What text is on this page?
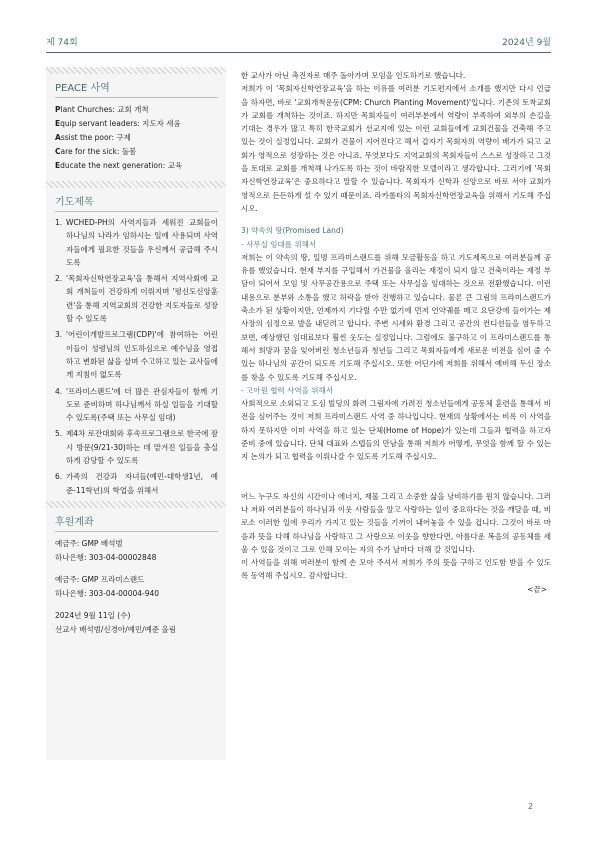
제 74회	2024년 9월
PEACE 사역
Plant Churches: 교회 개척
Equip servant leaders: 지도자 세움
Assist the poor: 구제
Care for the sick: 돌봄
Educate the next generation: 교육
기도제목
1. WCHED-PH의 사역지들과 세워진 교회들이 하나님의 나라가 임하시는 일에 사용되며 사역자들에게 필요한 것들을 우신께서 공급해 주시도록
2. '목회자신학연장교육'을 통해서 지역사회에 교회 개척들이 건강하게 이뤄지며 '평신도신앙훈련'을 통해 지역교회의 건강한 지도자들로 성장할 수 있도록
3. '어린이개발프로그램(CDP)'에 참여하는 어린이들이 성령님의 인도하심으로 예수님을 영접하고 변화된 삶을 살며 수고하고 있는 교사들에게 지침이 없도록
4. '프라미스랜드'에 더 많은 관심자들이 함께 기도로 준비하며 하나님께서 하실 일들을 기대할 수 있도록(주택 또는 사무실 임대)
5. 제4차 로잔대회와 후속프로그램으로 한국에 잠시 방문(9/21-30)하는 데 맡겨진 일들을 충실하게 감당할 수 있도록
6. 가족의 건강과 자녀들(예민-대학생1년, 예준-11학년)의 학업을 위해서
후원계좌
예금주: GMP 배석범
하나은행: 303-04-00002848
예금주: GMP 프라미스랜드
하나은행: 303-04-00004-940
2024년 9월 11일 (수)
선교사 배석범/신경아/예민/예준 올림

한 교사가 아닌 촉진자로 매주 돌아가며 모임을 인도하기로 했습니다.

저희가 이 '목회자신학연장교육'을 하는 이유를 여러분 기도편지에서 소개를 했지만 다시 언급을 하자면, 바로 '교회개척운동(CPM: Church Planting Movement)'입니다. 기존의 토착교회가 교회를 개척하는 것이죠. 하지만 목회자들이 여러부분에서 역량이 부족하여 외부의 손길을 기대는 경우가 많고 특히 한국교회가 선교지에 있는 이런 교회들에게 교회건물을 건축해 주고 있는 것이 실정입니다. 교회가 건물이 지어진다고 해서 갑자기 목회자의 역량이 배가가 되고 교회가 영적으로 성장하는 것은 아니죠. 무엇보다도 지역교회의 목회자들이 스스로 성장하고 그것을 토대로 교회를 개척해 나가도록 하는 것이 바람직한 모델이라고 생각합니다. 그러기에 '목회자신학연장교육'은 중요하다고 말할 수 있습니다. 목회자가 신학과 신앙으로 바로 서야 교회가 영적으로 든든하게 설 수 있기 때문이죠. 라카롤타의 목회자신학연장교육을 위해서 기도해 주십시오.

3) 약속의 땅(Promised Land)

- 사무실 임대를 위해서

저희는 이 약속의 땅, 일명 프라미스랜드를 위해 모금활동을 하고 기도제목으로 여러분들께 공유를 했었습니다. 현재 부지를 구입해서 가건물을 올리는 재정이 되지 않고 건축이라는 재정 부담이 되어서 모임 및 사무공간용으로 주택 또는 사무실을 임대하는 것으로 전환했습니다. 이런 내용으로 분부와 소통을 했고 허락을 받아 진행하고 있습니다. 물론 큰 그림의 프라미스랜드가 축소가 된 상황이지만, 언제까지 기다릴 수만 없기에 먼저 언약궤를 메고 요단강에 들어가는 제사장의 심정으로 발을 내딛려고 합니다. 주변 시세와 환경 그리고 공간의 컨디션들을 염두하고 보면, 예상했던 임대료보다 훨씬 웃도는 실정입니다. 그럼에도 불구하고 이 프라미스랜드를 통해서 희망과 꿈을 잊어버린 청소년들과 청년들 그리고 목회자들에게 새로운 비전을 심어 줄 수 있는 하나님의 공간이 되도록 기도해 주십시오. 또한 어딘가에 저희를 위해서 예비해 두신 장소를 찾을 수 있도록 기도해 주십시오.

- 고아원 협력 사역을 위해서

사회적으로 소외되고 도심 빌딩의 화려 그림자에 가려진 청소년들에게 공동체 훈련을 통해서 비전을 심어주는 것이 저희 프라미스랜드 사역 중 하나입니다. 현재의 상황에서는 비록 이 사역을 하지 못하지만 이미 사역을 하고 있는 단체(Home of Hope)가 있는데 그들과 협력을 하고자 준비 중에 있습니다. 단체 대표와 스텝들의 만남을 통해 저희가 어떻게, 무엇을 함께 할 수 있는지 논의가 되고 협력을 이뤄나갈 수 있도록 기도해 주십시오.

어느 누구도 자신의 시간이나 에너지, 재물 그리고 소중한 삶을 낭비하기를 원치 않습니다. 그러나 저와 여러분들이 하나님과 이웃 사람들을 알고 사랑하는 일이 중요하다는 것을 깨달을 때, 비로소 이러한 일에 우리가 가지고 있는 것들을 기꺼이 내어놓을 수 있을 겁니다. 그것이 바로 마음과 뜻을 다해 하나님을 사랑하고 그 사랑으로 이웃을 향한다면, 아름다운 복음의 공동체를 세울 수 있을 것이고 그로 인해 모이는 자의 수가 날마다 더해 갈 것입니다.

이 사역들을 위해 여러분이 함께 손 모아 주셔서 저희가 주의 뜻을 구하고 인도함 받을 수 있도록 동역해 주십시오. 감사합니다.

<끝>

2
